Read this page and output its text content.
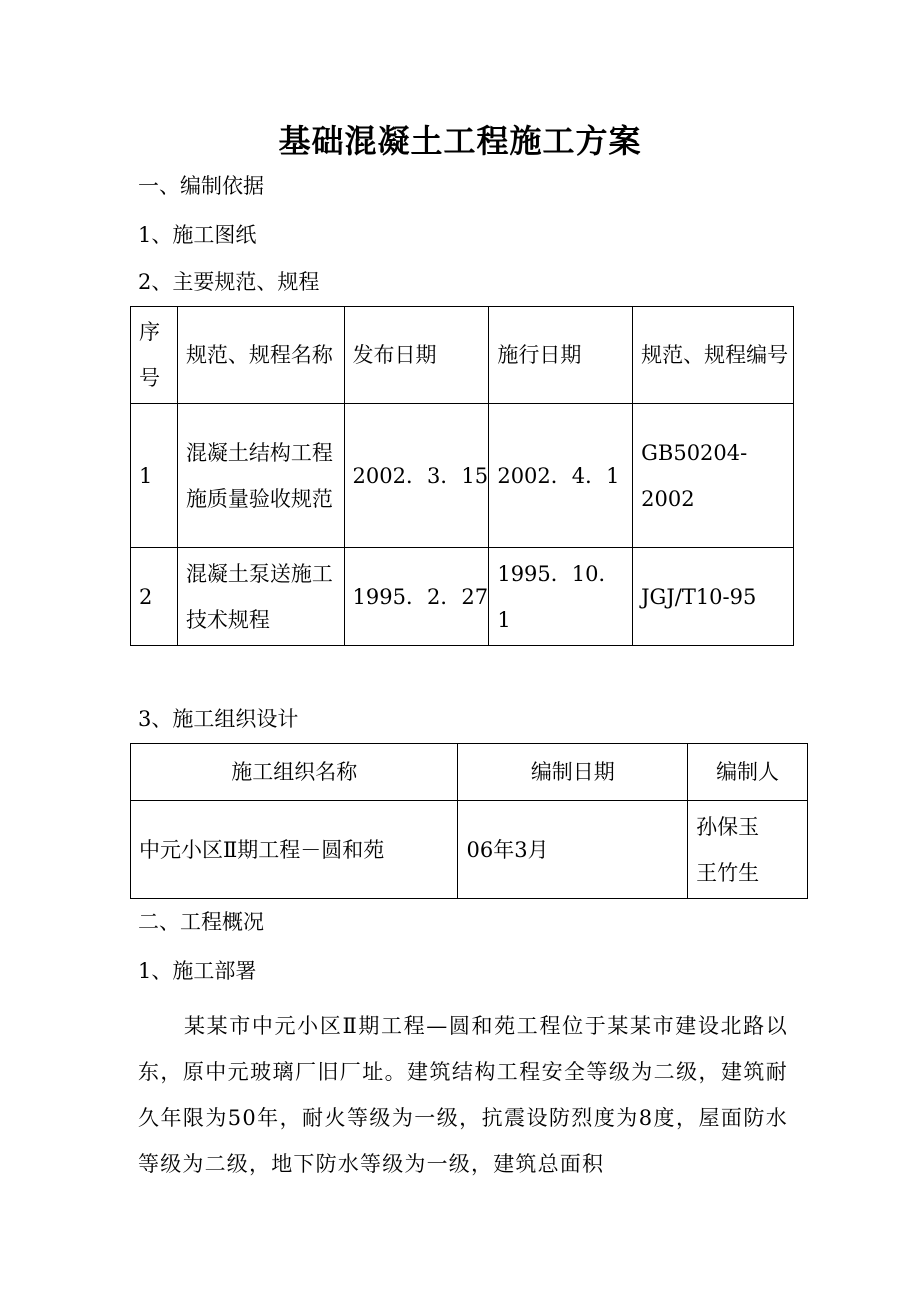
基础混凝土工程施工方案
一、编制依据
1、施工图纸
2、主要规范、规程
序号	规范、规程名称	发布日期	施行日期	规范、规程编号
1	混凝土结构工程施质量验收规范	2002．3．15	2002．4．1	GB50204-2002
2	混凝土泵送施工技术规程	1995．2．27	1995．10．1	JGJ/T10-95
3、施工组织设计
施工组织名称	编制日期	编制人
中元小区Ⅱ期工程－圆和苑	06年3月	孙保玉
王竹生
二、工程概况
1、施工部署
某某市中元小区Ⅱ期工程—圆和苑工程位于某某市建设北路以东，原中元玻璃厂旧厂址。建筑结构工程安全等级为二级，建筑耐久年限为50年，耐火等级为一级，抗震设防烈度为8度，屋面防水等级为二级，地下防水等级为一级，建筑总面积
